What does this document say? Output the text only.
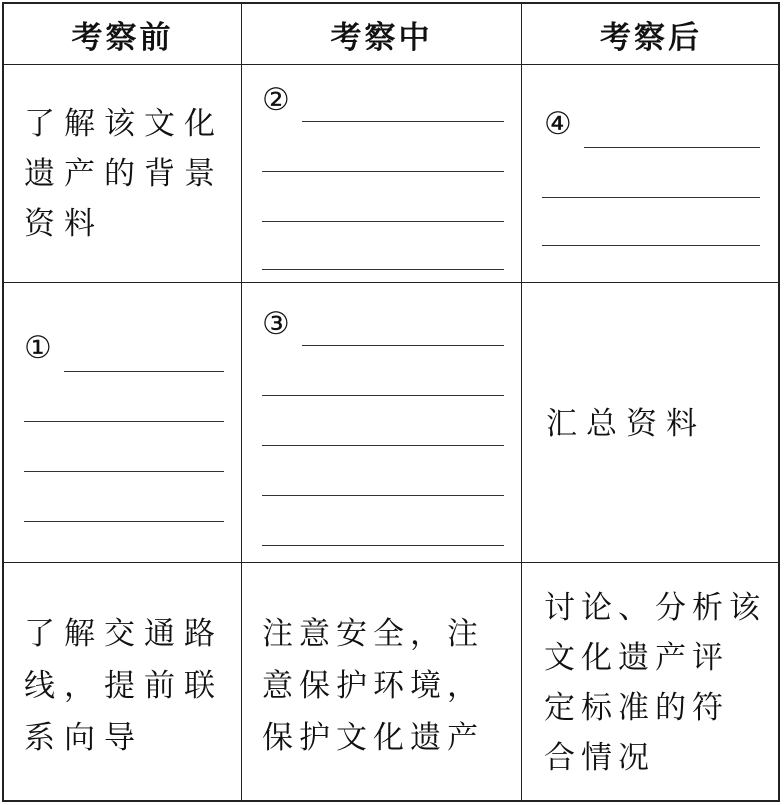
考察前	考察中	考察后
了解该文化
遗产的背景
资料
②
④
①
③
汇总资料
了解交通路
线，提前联
系向导
注意安全，注
意保护环境，
保护文化遗产
讨论、分析该
文化遗产评
定标准的符
合情况
